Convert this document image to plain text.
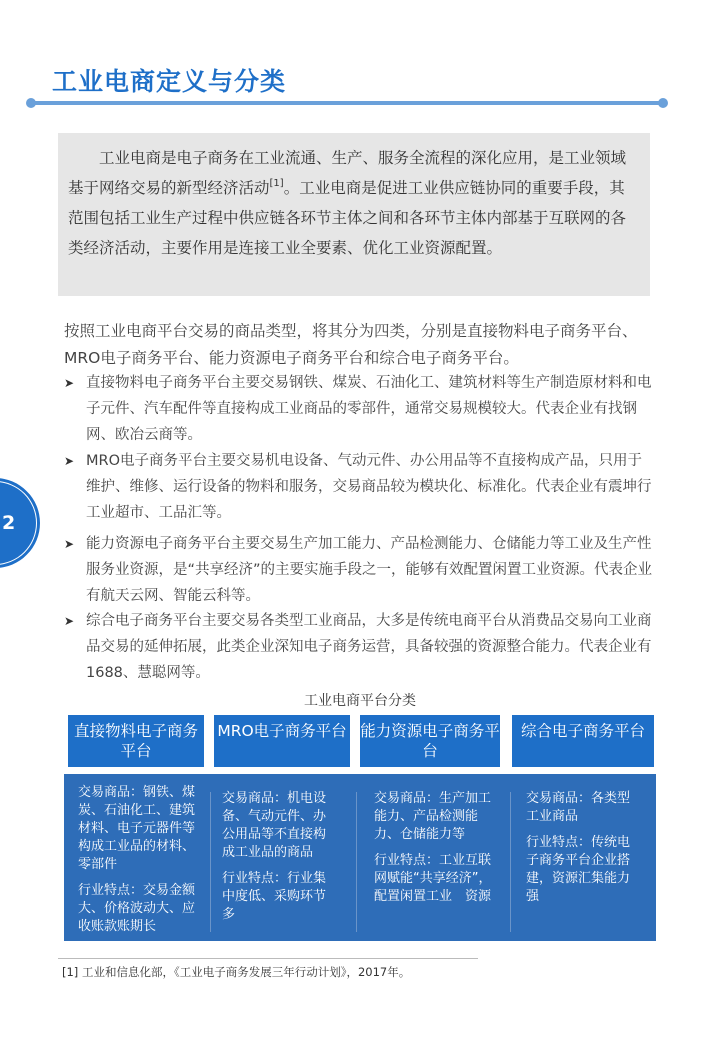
工业电商定义与分类

工业电商是电子商务在工业流通、生产、服务全流程的深化应用，是工业领域基于网络交易的新型经济活动[1]。工业电商是促进工业供应链协同的重要手段，其范围包括工业生产过程中供应链各环节主体之间和各环节主体内部基于互联网的各类经济活动，主要作用是连接工业全要素、优化工业资源配置。

按照工业电商平台交易的商品类型，将其分为四类，分别是直接物料电子商务平台、MRO电子商务平台、能力资源电子商务平台和综合电子商务平台。
➤ 直接物料电子商务平台主要交易钢铁、煤炭、石油化工、建筑材料等生产制造原材料和电子元件、汽车配件等直接构成工业商品的零部件，通常交易规模较大。代表企业有找钢网、欧冶云商等。
➤ MRO电子商务平台主要交易机电设备、气动元件、办公用品等不直接构成产品，只用于维护、维修、运行设备的物料和服务，交易商品较为模块化、标准化。代表企业有震坤行工业超市、工品汇等。
➤ 能力资源电子商务平台主要交易生产加工能力、产品检测能力、仓储能力等工业及生产性服务业资源，是“共享经济”的主要实施手段之一，能够有效配置闲置工业资源。代表企业有航天云网、智能云科等。
➤ 综合电子商务平台主要交易各类型工业商品，大多是传统电商平台从消费品交易向工业商品交易的延伸拓展，此类企业深知电子商务运营，具备较强的资源整合能力。代表企业有1688、慧聪网等。
2
工业电商平台分类
直接物料电子商务平台
MRO电子商务平台 能力资源电子商务平台
综合电子商务平台

交易商品：钢铁、煤炭、石油化工、建筑材料、电子元器件等构成工业品的材料、零部件

行业特点：交易金额大、价格波动大、应收账款账期长

交易商品：机电设　备、气动元件、办　公用品等不直接构　成工业品的商品

行业特点：行业集　中度低、采购环节　多

交易商品：生产加工能力、产品检测能力、仓储能力等

行业特点：工业互联网赋能“共享经济”，配置闲置工业　资源

交易商品：各类型　工业商品

行业特点：传统电　子商务平台企业搭　建，资源汇集能力　强

[1] 工业和信息化部，《工业电子商务发展三年行动计划》，2017年。
